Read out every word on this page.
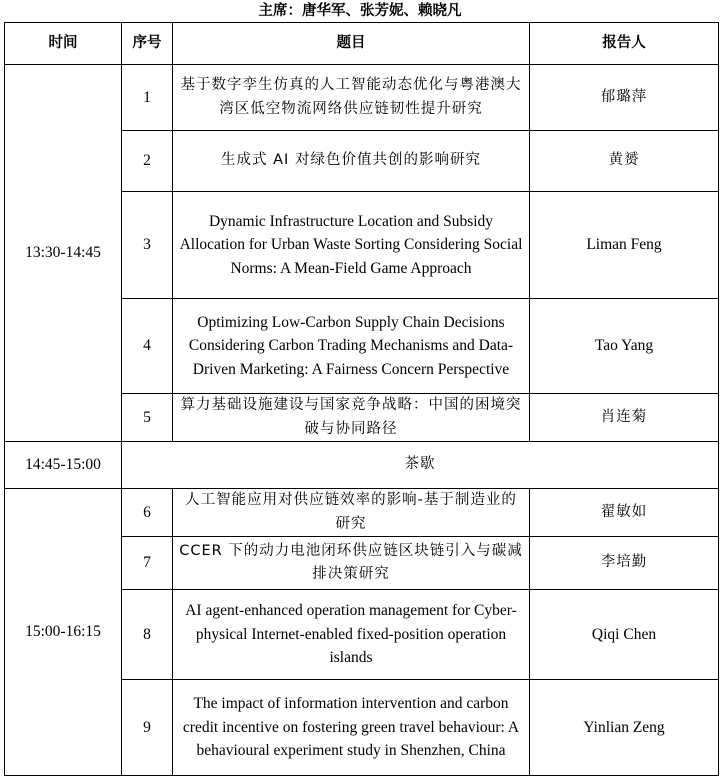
主席：唐华军、张芳妮、赖晓凡
时间	序号	题目	报告人
13:30-14:45	1	基于数字孪生仿真的人工智能动态优化与粤港澳大湾区低空物流网络供应链韧性提升研究	郁璐萍
	2	生成式 AI 对绿色价值共创的影响研究	黄赟
	3	Dynamic Infrastructure Location and Subsidy Allocation for Urban Waste Sorting Considering Social Norms: A Mean-Field Game Approach	Liman Feng
	4	Optimizing Low-Carbon Supply Chain Decisions Considering Carbon Trading Mechanisms and Data-Driven Marketing: A Fairness Concern Perspective	Tao Yang
	5	算力基础设施建设与国家竞争战略：中国的困境突破与协同路径	肖连菊
14:45-15:00	茶歇		
15:00-16:15	6	人工智能应用对供应链效率的影响-基于制造业的研究	翟敏如
	7	CCER 下的动力电池闭环供应链区块链引入与碳减排决策研究	李培勤
	8	AI agent-enhanced operation management for Cyber-physical Internet-enabled fixed-position operation islands	Qiqi Chen
	9	The impact of information intervention and carbon credit incentive on fostering green travel behaviour: A behavioural experiment study in Shenzhen, China	Yinlian Zeng
